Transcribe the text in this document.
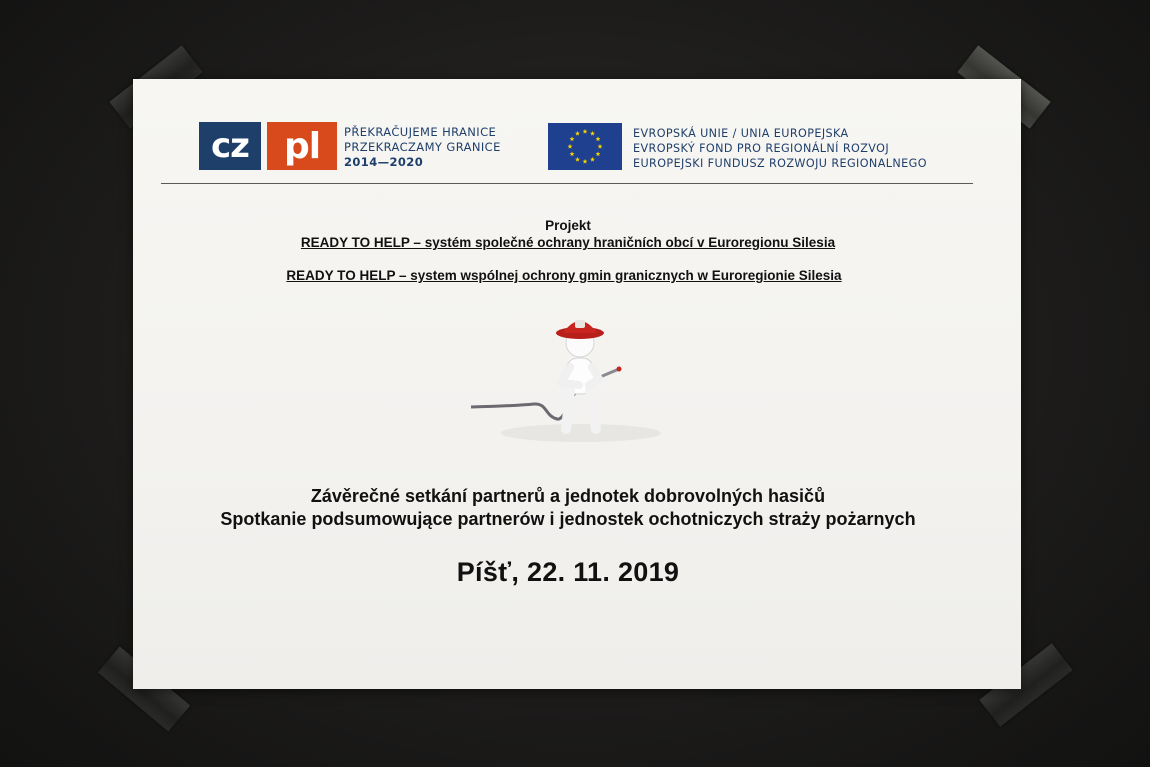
cz pl	PŘEKRAČUJEME HRANICE
PRZEKRACZAMY GRANICE
2014—2020
EVROPSKÁ UNIE / UNIA EUROPEJSKA
EVROPSKÝ FOND PRO REGIONÁLNÍ ROZVOJ
EUROPEJSKI FUNDUSZ ROZWOJU REGIONALNEGO
Projekt
READY TO HELP – systém společné ochrany hraničních obcí v Euroregionu Silesia
READY TO HELP – system wspólnej ochrony gmin granicznych w Euroregionie Silesia
Závěrečné setkání partnerů a jednotek dobrovolných hasičů
Spotkanie podsumowujące partnerów i jednostek ochotniczych straży pożarnych
Píšť, 22. 11. 2019
